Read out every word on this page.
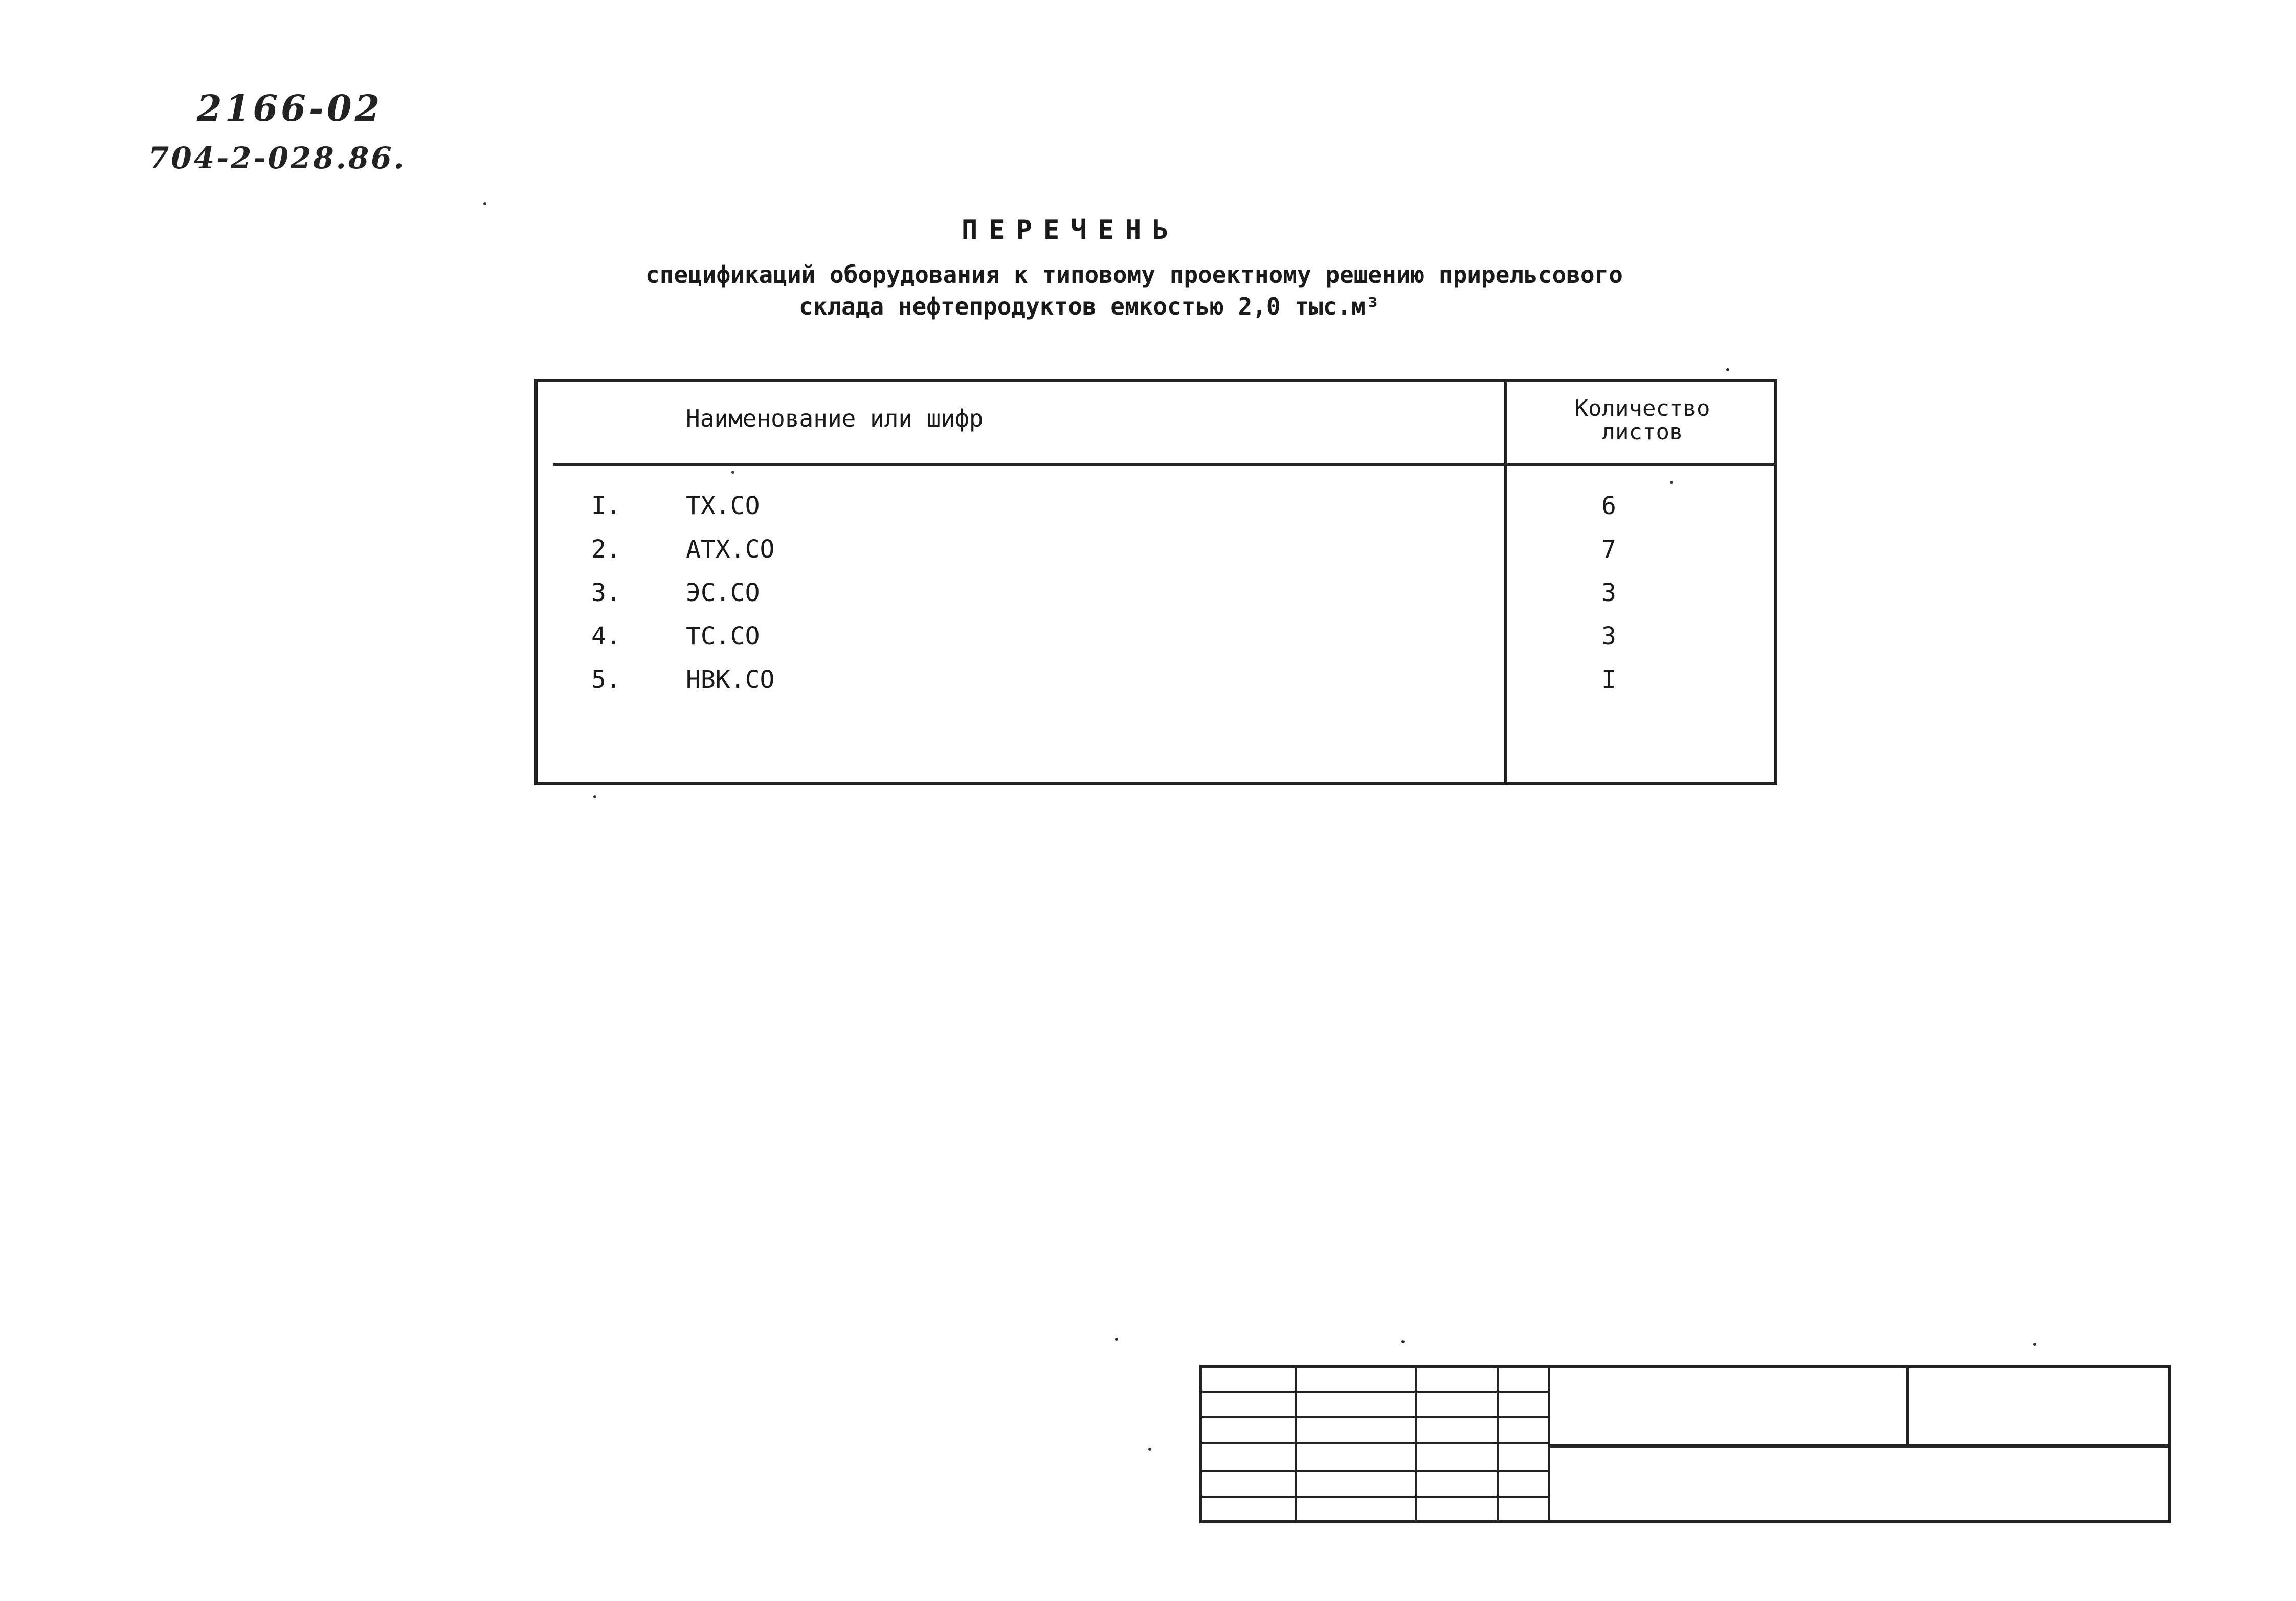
2166-02
704-2-028.86.
ПЕРЕЧЕНЬ
спецификаций оборудования к типовому проектному решению прирельсового
склада нефтепродуктов емкостью 2,0 тыс.м³
Наименование или шифр	Количество
листов
I.	ТХ.СО	6
2.	АТХ.СО	7
3.	ЭС.СО	3
4.	ТС.СО	3
5.	НВК.СО	I
